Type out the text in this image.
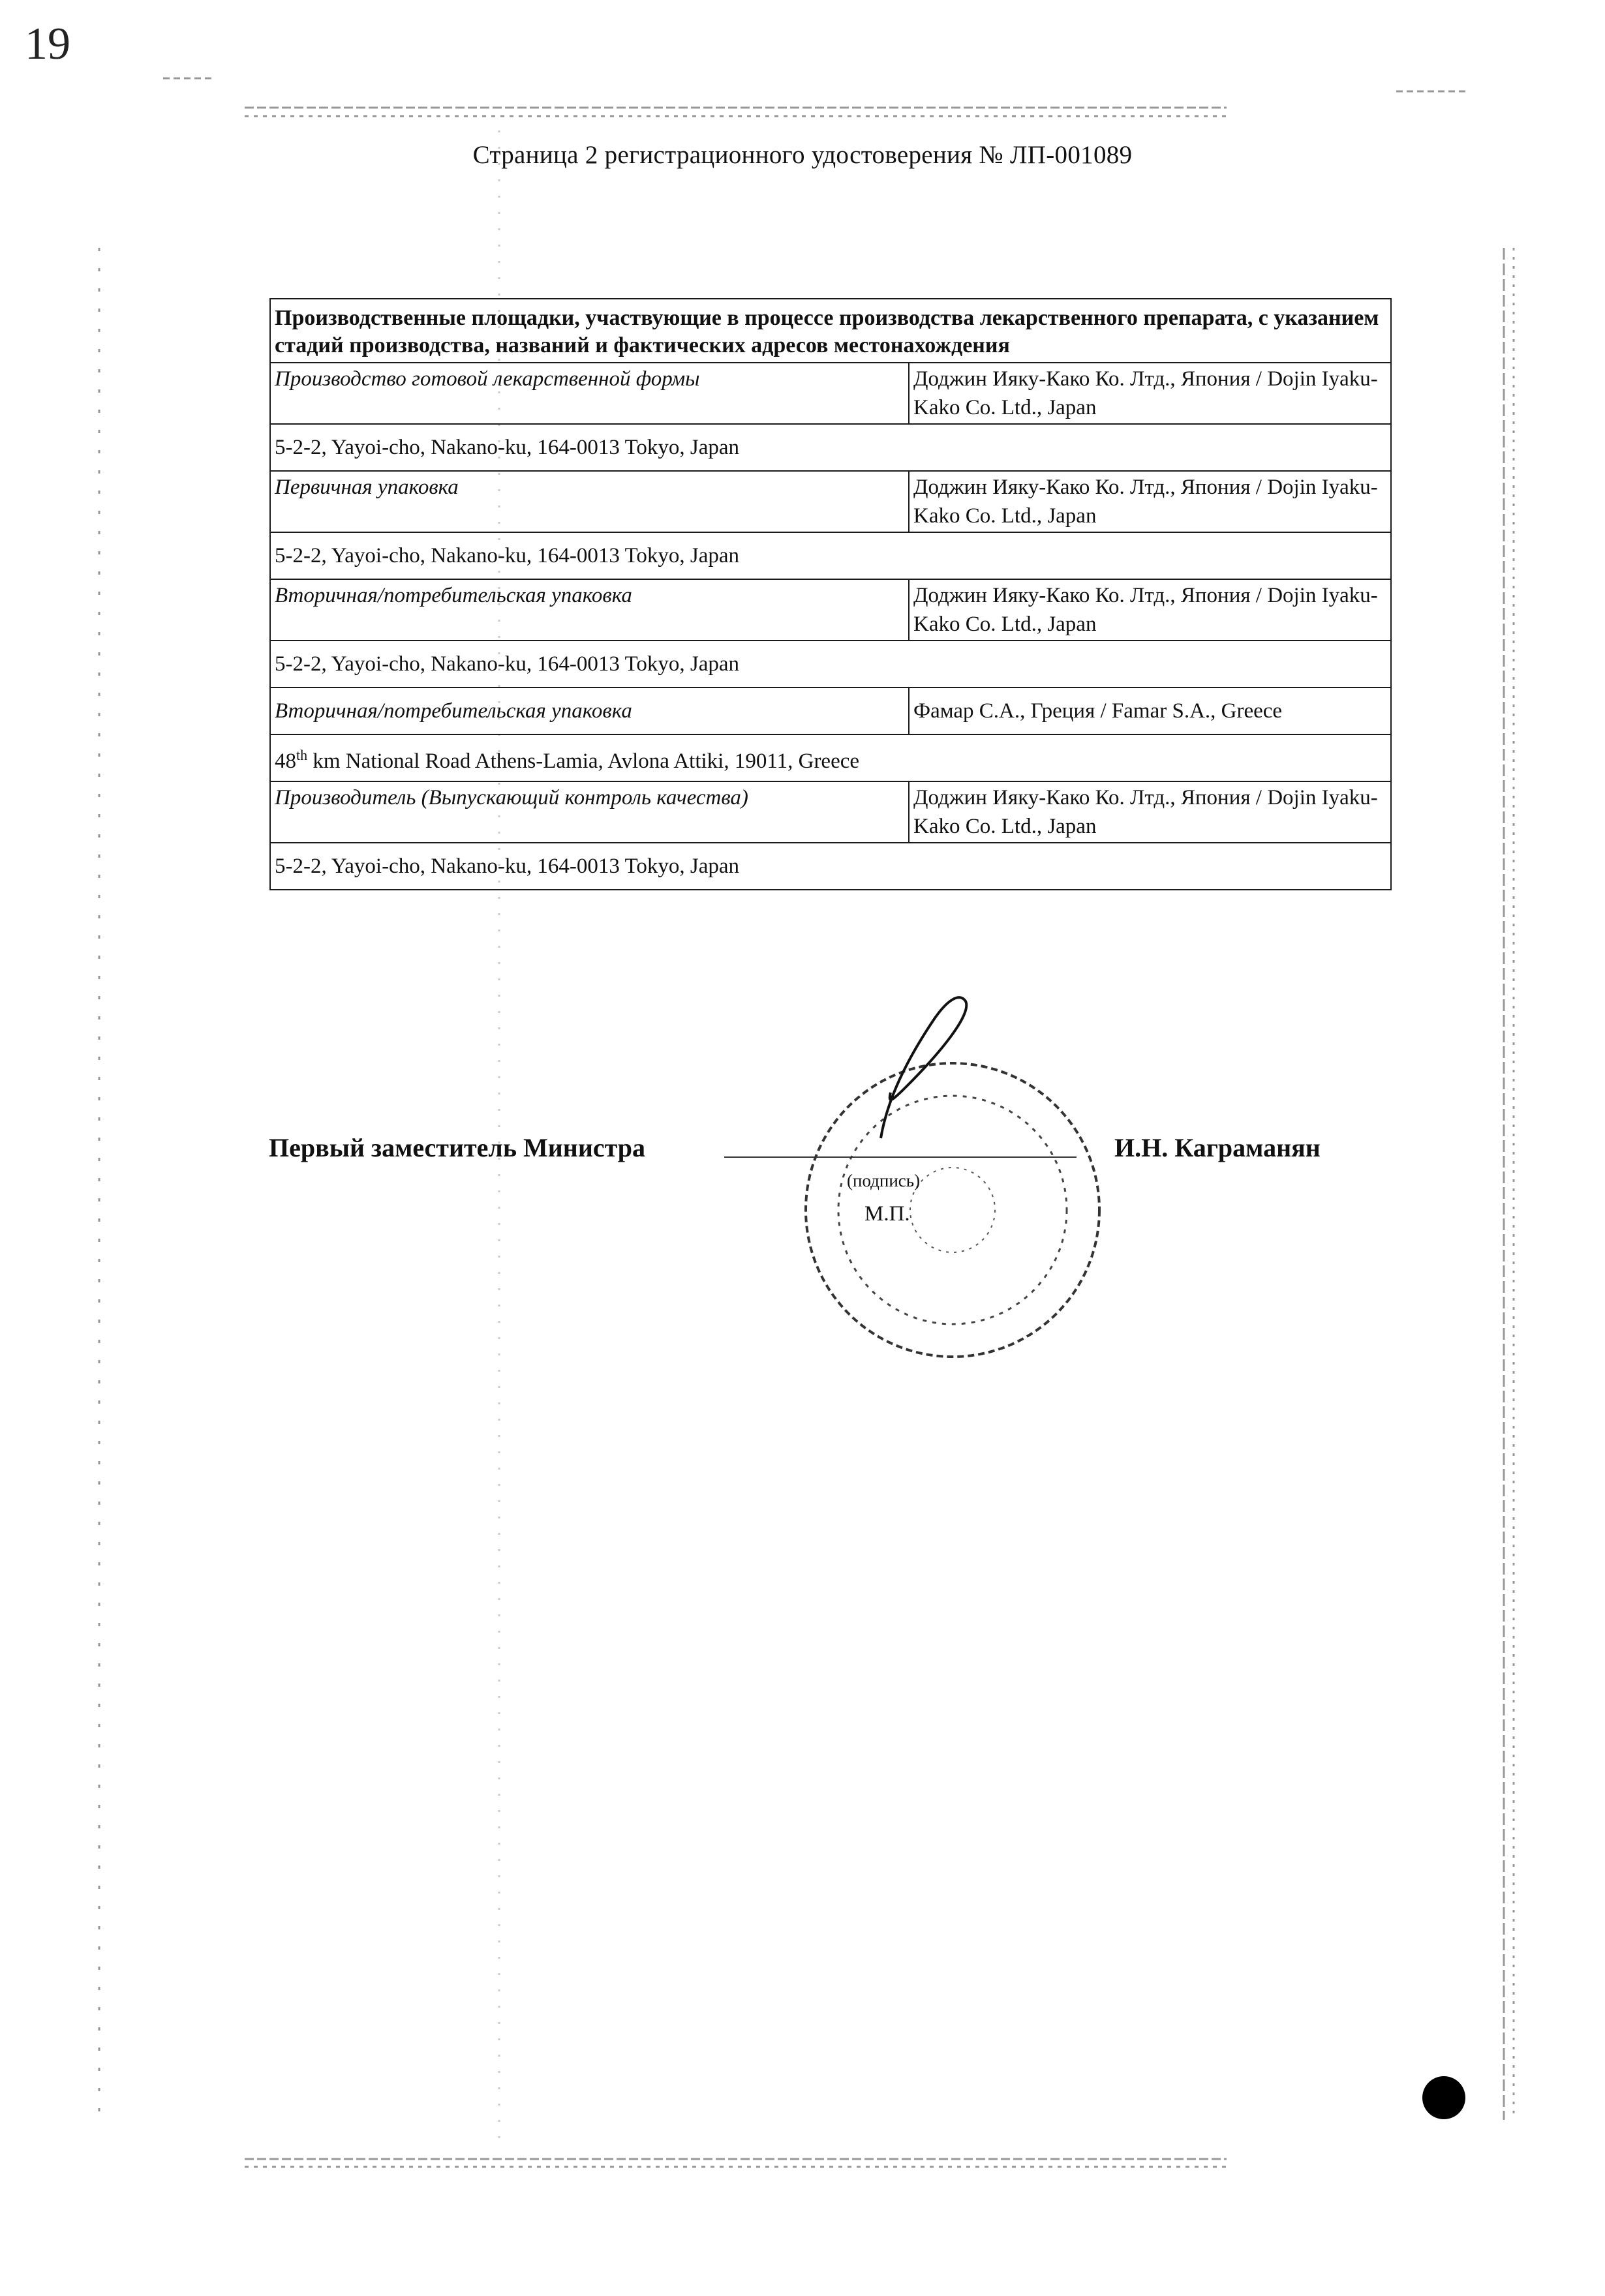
19
Страница 2 регистрационного удостоверения № ЛП-001089
Производственные площадки, участвующие в процессе производства лекарственного препарата, с указанием стадий производства, названий и фактических адресов местонахождения	
Производство готовой лекарственной формы	Доджин Ияку-Како Ко. Лтд., Япония / Dojin Iyaku-Kako Co. Ltd., Japan
5-2-2, Yayoi-cho, Nakano-ku, 164-0013 Tokyo, Japan	
Первичная упаковка	Доджин Ияку-Како Ко. Лтд., Япония / Dojin Iyaku-Kako Co. Ltd., Japan
5-2-2, Yayoi-cho, Nakano-ku, 164-0013 Tokyo, Japan	
Вторичная/потребительская упаковка	Доджин Ияку-Како Ко. Лтд., Япония / Dojin Iyaku-Kako Co. Ltd., Japan
5-2-2, Yayoi-cho, Nakano-ku, 164-0013 Tokyo, Japan	
Вторичная/потребительская упаковка	Фамар С.А., Греция / Famar S.A., Greece
48th km National Road Athens-Lamia, Avlona Attiki, 19011, Greece	
Производитель (Выпускающий контроль качества)	Доджин Ияку-Како Ко. Лтд., Япония / Dojin Iyaku-Kako Co. Ltd., Japan
5-2-2, Yayoi-cho, Nakano-ku, 164-0013 Tokyo, Japan	
Первый заместитель Министра
(подпись)
М.П.
И.Н. Каграманян
